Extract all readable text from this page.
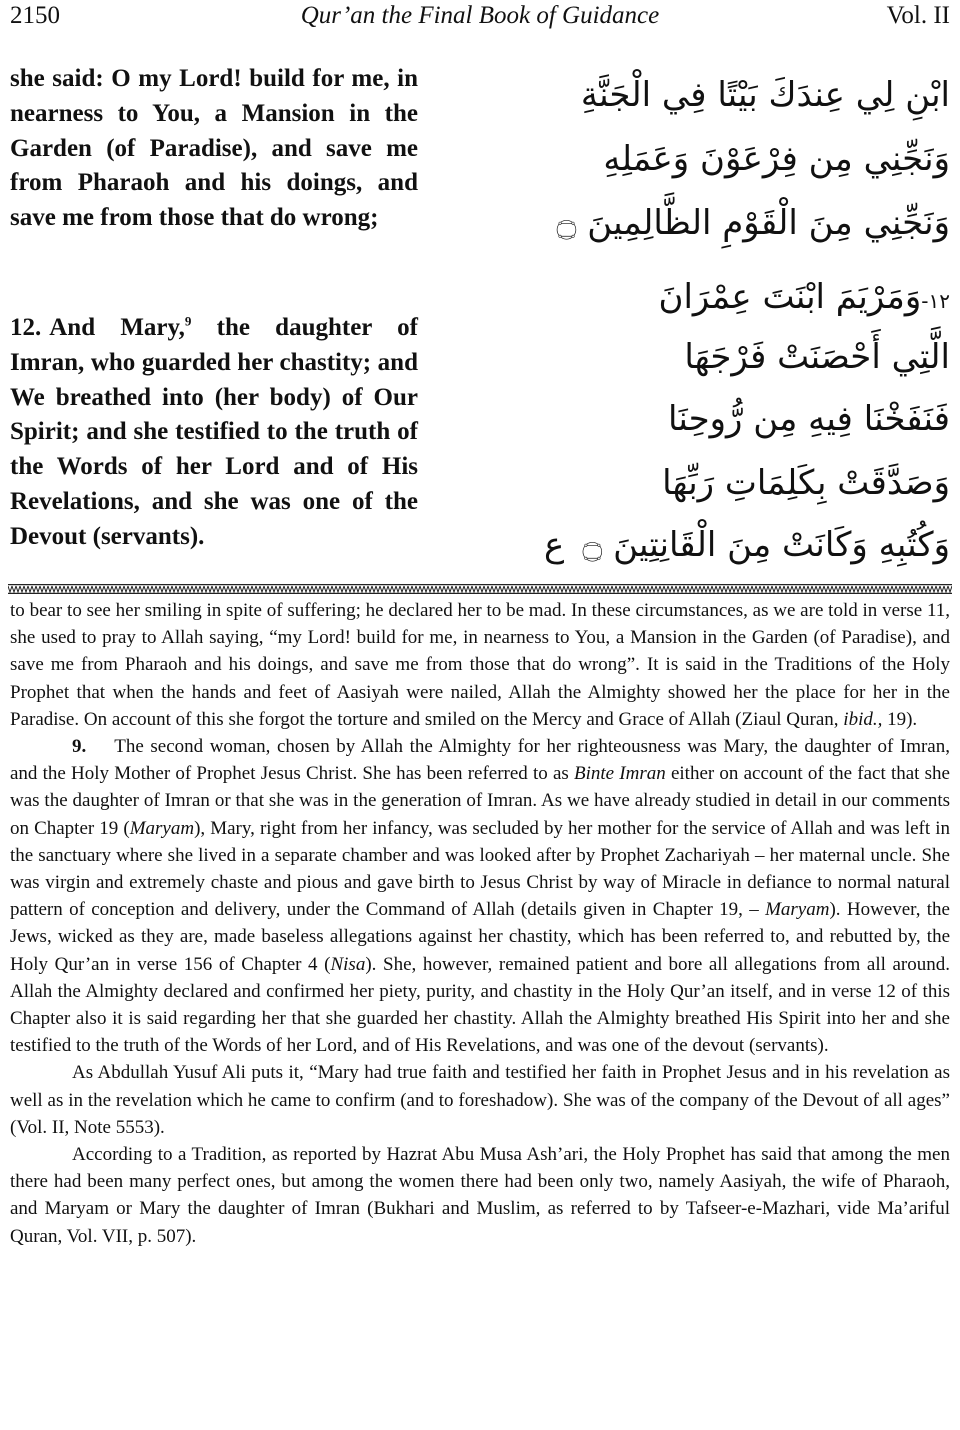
2150	Qur’an the Final Book of Guidance	Vol. II
she said: O my Lord! build for me, in nearness to You, a Mansion in the Garden (of Paradise), and save me from Pharaoh and his doings, and save me from those that do wrong;
12. And Mary,$^9$ the daughter of Imran, who guarded her chastity; and We breathed into (her body) of Our Spirit; and she testified to the truth of the Words of her Lord and of His Revelations, and she was one of the Devout (servants).
ابْنِ لِي عِندَكَ بَيْتًا فِي الْجَنَّةِ
وَنَجِّنِي مِن فِرْعَوْنَ وَعَمَلِهِ
وَنَجِّنِي مِنَ الْقَوْمِ الظَّالِمِينَ ۝
۱۲-وَمَرْيَمَ ابْنَتَ عِمْرَانَ
الَّتِي أَحْصَنَتْ فَرْجَهَا
فَنَفَخْنَا فِيهِ مِن رُّوحِنَا
وَصَدَّقَتْ بِكَلِمَاتِ رَبِّهَا
وَكُتُبِهِ وَكَانَتْ مِنَ الْقَانِتِينَ ۝ع

to bear to see her smiling in spite of suffering; he declared her to be mad. In these circumstances, as we are told in verse 11, she used to pray to Allah saying, “my Lord! build for me, in nearness to You, a Mansion in the Garden (of Paradise), and save me from Pharaoh and his doings, and save me from those that do wrong”. It is said in the Traditions of the Holy Prophet that when the hands and feet of Aasiyah were nailed, Allah the Almighty showed her the place for her in the Paradise. On account of this she forgot the torture and smiled on the Mercy and Grace of Allah (Ziaul Quran, ibid., 19).

9. The second woman, chosen by Allah the Almighty for her righteousness was Mary, the daughter of Imran, and the Holy Mother of Prophet Jesus Christ. She has been referred to as Binte Imran either on account of the fact that she was the daughter of Imran or that she was in the generation of Imran. As we have already studied in detail in our comments on Chapter 19 (Maryam), Mary, right from her infancy, was secluded by her mother for the service of Allah and was left in the sanctuary where she lived in a separate chamber and was looked after by Prophet Zachariyah – her maternal uncle. She was virgin and extremely chaste and pious and gave birth to Jesus Christ by way of Miracle in defiance to normal natural pattern of conception and delivery, under the Command of Allah (details given in Chapter 19, – Maryam). However, the Jews, wicked as they are, made baseless allegations against her chastity, which has been referred to, and rebutted by, the Holy Qur’an in verse 156 of Chapter 4 (Nisa). She, however, remained patient and bore all allegations from all around. Allah the Almighty declared and confirmed her piety, purity, and chastity in the Holy Qur’an itself, and in verse 12 of this Chapter also it is said regarding her that she guarded her chastity. Allah the Almighty breathed His Spirit into her and she testified to the truth of the Words of her Lord, and of His Revelations, and was one of the devout (servants).

As Abdullah Yusuf Ali puts it, “Mary had true faith and testified her faith in Prophet Jesus and in his revelation as well as in the revelation which he came to confirm (and to foreshadow). She was of the company of the Devout of all ages” (Vol. II, Note 5553).

According to a Tradition, as reported by Hazrat Abu Musa Ash’ari, the Holy Prophet has said that among the men there had been many perfect ones, but among the women there had been only two, namely Aasiyah, the wife of Pharaoh, and Maryam or Mary the daughter of Imran (Bukhari and Muslim, as referred to by Tafseer-e-Mazhari, vide Ma’ariful Quran, Vol. VII, p. 507).
